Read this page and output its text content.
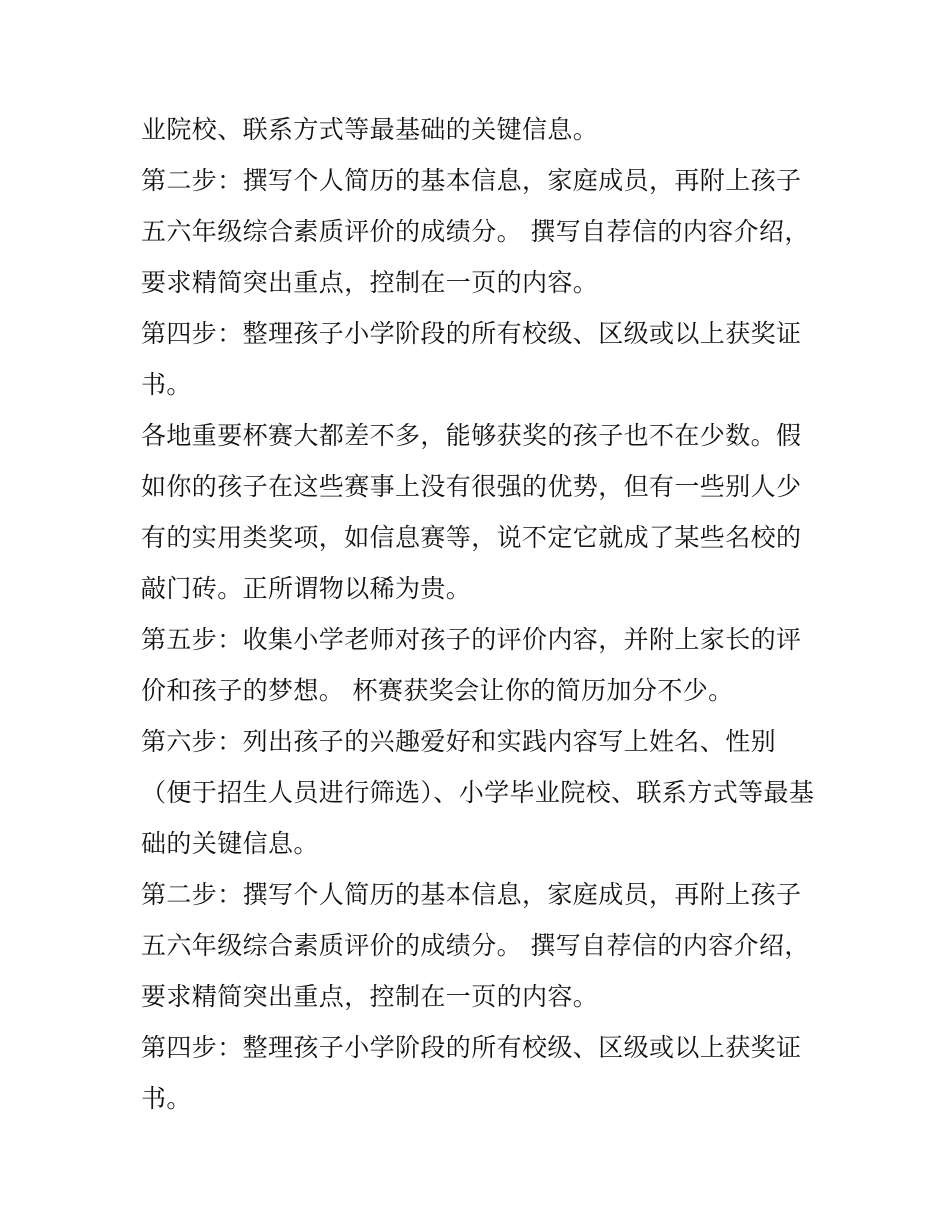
业院校、联系方式等最基础的关键信息。

第二步：撰写个人简历的基本信息，家庭成员，再附上孩子五六年级综合素质评价的成绩分。 撰写自荐信的内容介绍，要求精简突出重点，控制在一页的内容。

第四步：整理孩子小学阶段的所有校级、区级或以上获奖证书。

各地重要杯赛大都差不多，能够获奖的孩子也不在少数。假如你的孩子在这些赛事上没有很强的优势，但有一些别人少有的实用类奖项，如信息赛等，说不定它就成了某些名校的敲门砖。正所谓物以稀为贵。

第五步：收集小学老师对孩子的评价内容，并附上家长的评价和孩子的梦想。 杯赛获奖会让你的简历加分不少。

第六步：列出孩子的兴趣爱好和实践内容写上姓名、性别（便于招生人员进行筛选）、小学毕业院校、联系方式等最基础的关键信息。

第二步：撰写个人简历的基本信息，家庭成员，再附上孩子五六年级综合素质评价的成绩分。 撰写自荐信的内容介绍，要求精简突出重点，控制在一页的内容。

第四步：整理孩子小学阶段的所有校级、区级或以上获奖证书。
